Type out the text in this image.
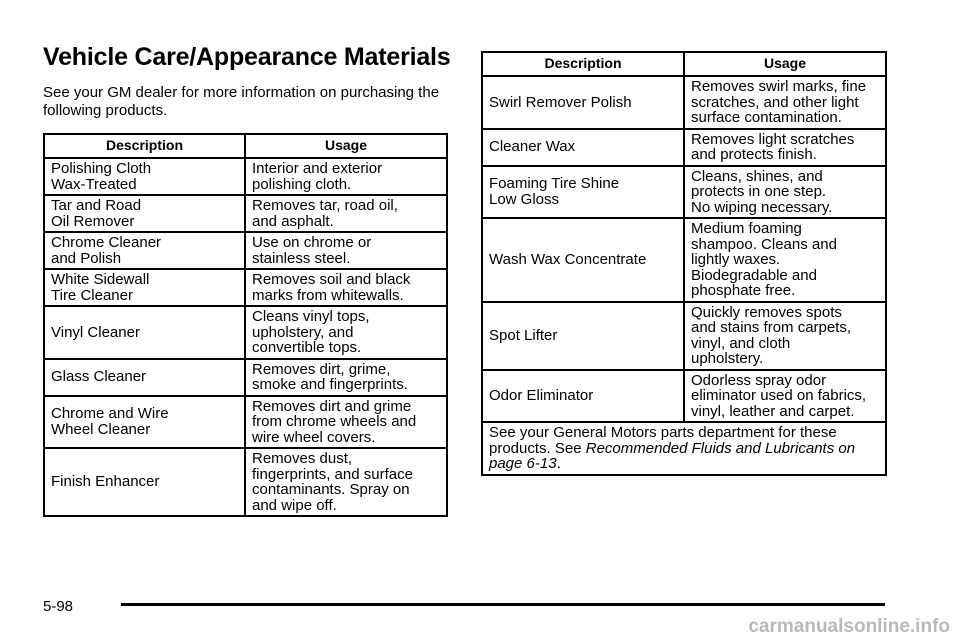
Vehicle Care/Appearance Materials
See your GM dealer for more information on purchasing the following products.
Description	Usage
Polishing Cloth
Wax-Treated	Interior and exterior
polishing cloth.
Tar and Road
Oil Remover	Removes tar, road oil,
and asphalt.
Chrome Cleaner
and Polish	Use on chrome or
stainless steel.
White Sidewall
Tire Cleaner	Removes soil and black
marks from whitewalls.
Vinyl Cleaner	Cleans vinyl tops,
upholstery, and
convertible tops.
Glass Cleaner	Removes dirt, grime,
smoke and fingerprints.
Chrome and Wire
Wheel Cleaner	Removes dirt and grime
from chrome wheels and
wire wheel covers.
Finish Enhancer	Removes dust,
fingerprints, and surface
contaminants. Spray on
and wipe off.
Description	Usage
Swirl Remover Polish	Removes swirl marks, fine
scratches, and other light
surface contamination.
Cleaner Wax	Removes light scratches
and protects finish.
Foaming Tire Shine
Low Gloss	Cleans, shines, and
protects in one step.
No wiping necessary.
Wash Wax Concentrate	Medium foaming
shampoo. Cleans and
lightly waxes.
Biodegradable and
phosphate free.
Spot Lifter	Quickly removes spots
and stains from carpets,
vinyl, and cloth
upholstery.
Odor Eliminator	Odorless spray odor
eliminator used on fabrics,
vinyl, leather and carpet.
See your General Motors parts department for these products. See Recommended Fluids and Lubricants on page 6-13.	
5-98
carmanualsonline.info
